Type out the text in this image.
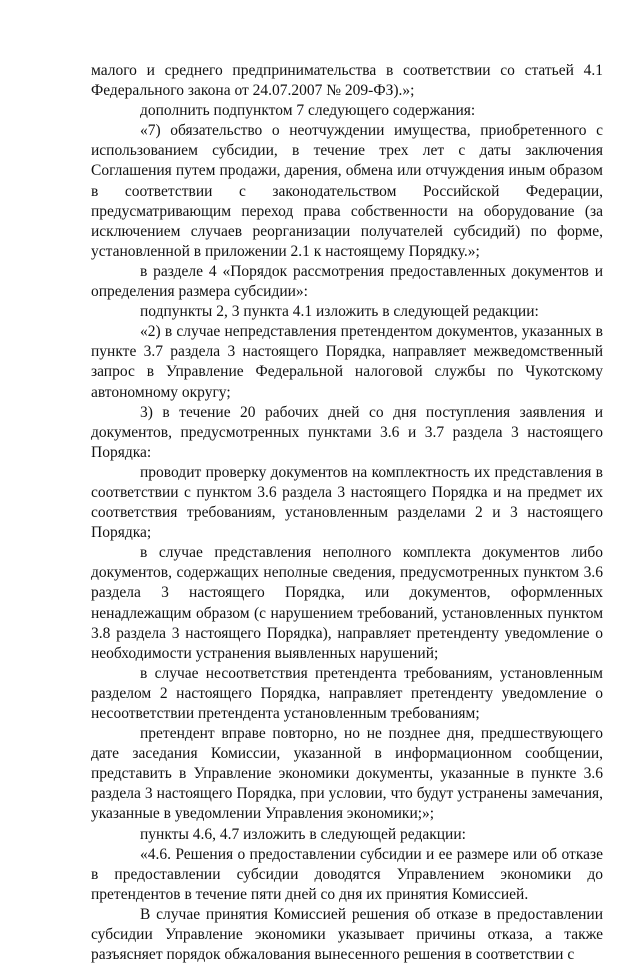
малого и среднего предпринимательства в соответствии со статьей 4.1 Федерального закона от 24.07.2007 № 209-ФЗ).»;

дополнить подпунктом 7 следующего содержания:

«7) обязательство о неотчуждении имущества, приобретенного с использованием субсидии, в течение трех лет с даты заключения Соглашения путем продажи, дарения, обмена или отчуждения иным образом в соответствии с законодательством Российской Федерации, предусматривающим переход права собственности на оборудование (за исключением случаев реорганизации получателей субсидий) по форме, установленной в приложении 2.1 к настоящему Порядку.»;

в разделе 4 «Порядок рассмотрения предоставленных документов и определения размера субсидии»:

подпункты 2, 3 пункта 4.1 изложить в следующей редакции:

«2) в случае непредставления претендентом документов, указанных в пункте 3.7 раздела 3 настоящего Порядка, направляет межведомственный запрос в Управление Федеральной налоговой службы по Чукотскому автономному округу;

3) в течение 20 рабочих дней со дня поступления заявления и документов, предусмотренных пунктами 3.6 и 3.7 раздела 3 настоящего Порядка:

проводит проверку документов на комплектность их представления в соответствии с пунктом 3.6 раздела 3 настоящего Порядка и на предмет их соответствия требованиям, установленным разделами 2 и 3 настоящего Порядка;

в случае представления неполного комплекта документов либо документов, содержащих неполные сведения, предусмотренных пунктом 3.6 раздела 3 настоящего Порядка, или документов, оформленных ненадлежащим образом (с нарушением требований, установленных пунктом 3.8 раздела 3 настоящего Порядка), направляет претенденту уведомление о необходимости устранения выявленных нарушений;

в случае несоответствия претендента требованиям, установленным разделом 2 настоящего Порядка, направляет претенденту уведомление о несоответствии претендента установленным требованиям;

претендент вправе повторно, но не позднее дня, предшествующего дате заседания Комиссии, указанной в информационном сообщении, представить в Управление экономики документы, указанные в пункте 3.6 раздела 3 настоящего Порядка, при условии, что будут устранены замечания, указанные в уведомлении Управления экономики;»;

пункты 4.6, 4.7 изложить в следующей редакции:

«4.6. Решения о предоставлении субсидии и ее размере или об отказе в предоставлении субсидии доводятся Управлением экономики до претендентов в течение пяти дней со дня их принятия Комиссией.

В случае принятия Комиссией решения об отказе в предоставлении субсидии Управление экономики указывает причины отказа, а также разъясняет порядок обжалования вынесенного решения в соответствии с
